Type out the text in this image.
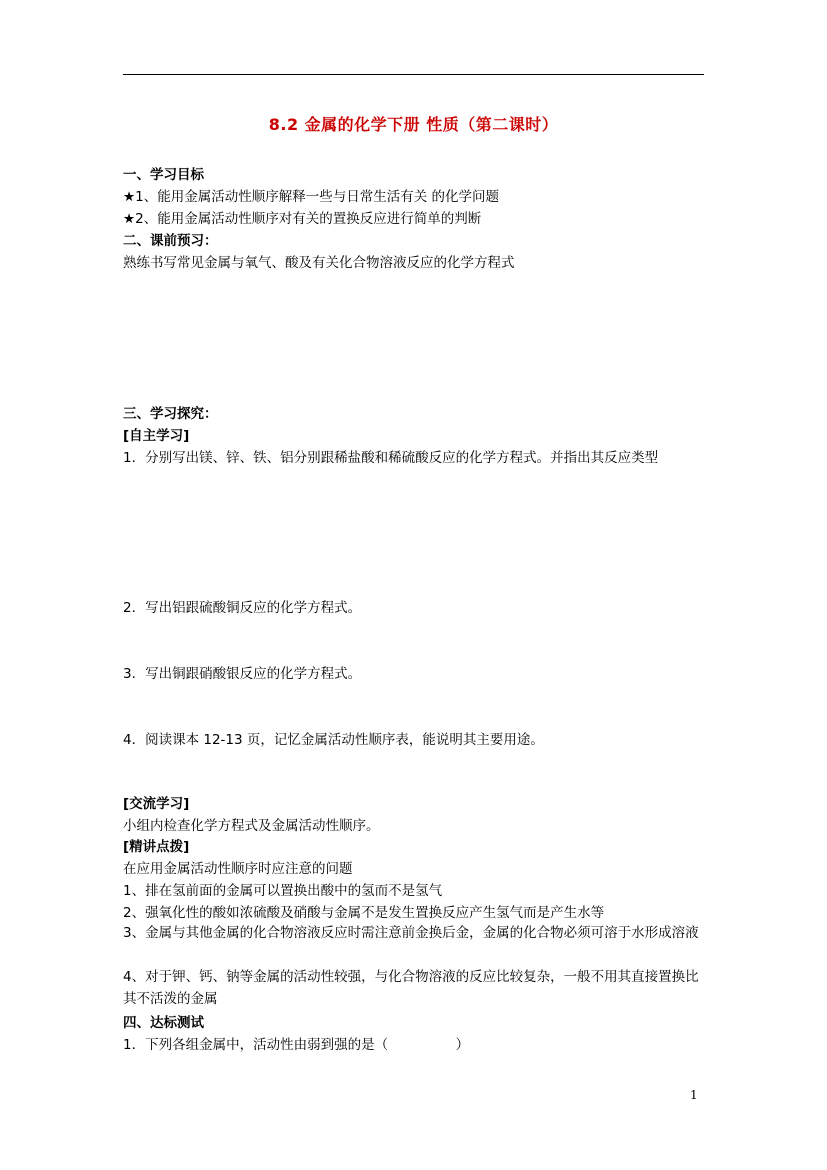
8.2 金属的化学下册 性质（第二课时）
一、学习目标
★1、能用金属活动性顺序解释一些与日常生活有关 的化学问题
★2、能用金属活动性顺序对有关的置换反应进行简单的判断
二、课前预习：
熟练书写常见金属与氧气、酸及有关化合物溶液反应的化学方程式
三、学习探究：
[自主学习]
1．分别写出镁、锌、铁、铝分别跟稀盐酸和稀硫酸反应的化学方程式。并指出其反应类型
2．写出铝跟硫酸铜反应的化学方程式。
3．写出铜跟硝酸银反应的化学方程式。
4．阅读课本 12-13 页，记忆金属活动性顺序表，能说明其主要用途。
[交流学习]
小组内检查化学方程式及金属活动性顺序。
[精讲点拨]
在应用金属活动性顺序时应注意的问题
1、排在氢前面的金属可以置换出酸中的氢而不是氢气
2、强氧化性的酸如浓硫酸及硝酸与金属不是发生置换反应产生氢气而是产生水等
3、金属与其他金属的化合物溶液反应时需注意前金换后金，金属的化合物必须可溶于水形成溶液
4、对于钾、钙、钠等金属的活动性较强，与化合物溶液的反应比较复杂，一般不用其直接置换比其不活泼的金属
四、达标测试
1．下列各组金属中，活动性由弱到强的是（　　　　　）
1
